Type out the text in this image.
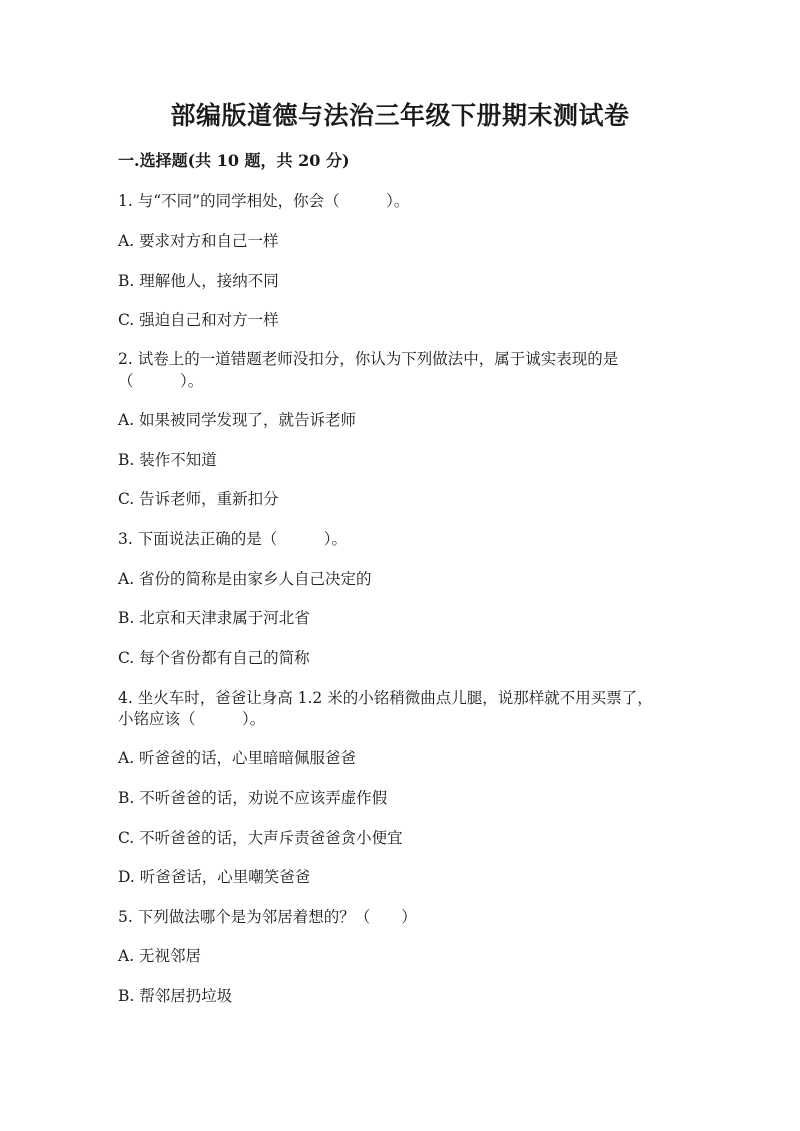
部编版道德与法治三年级下册期末测试卷
一.选择题(共 10 题，共 20 分)
1. 与“不同”的同学相处，你会（　　　）。
A. 要求对方和自己一样
B. 理解他人，接纳不同
C. 强迫自己和对方一样
2. 试卷上的一道错题老师没扣分，你认为下列做法中，属于诚实表现的是
（　　　）。
A. 如果被同学发现了，就告诉老师
B. 装作不知道
C. 告诉老师，重新扣分
3. 下面说法正确的是（　　　）。
A. 省份的简称是由家乡人自己决定的
B. 北京和天津隶属于河北省
C. 每个省份都有自己的简称
4. 坐火车时，爸爸让身高 1.2 米的小铭稍微曲点儿腿，说那样就不用买票了，
小铭应该（　　　）。
A. 听爸爸的话，心里暗暗佩服爸爸
B. 不听爸爸的话，劝说不应该弄虚作假
C. 不听爸爸的话，大声斥责爸爸贪小便宜
D. 听爸爸话，心里嘲笑爸爸
5. 下列做法哪个是为邻居着想的？（　　）
A. 无视邻居
B. 帮邻居扔垃圾
